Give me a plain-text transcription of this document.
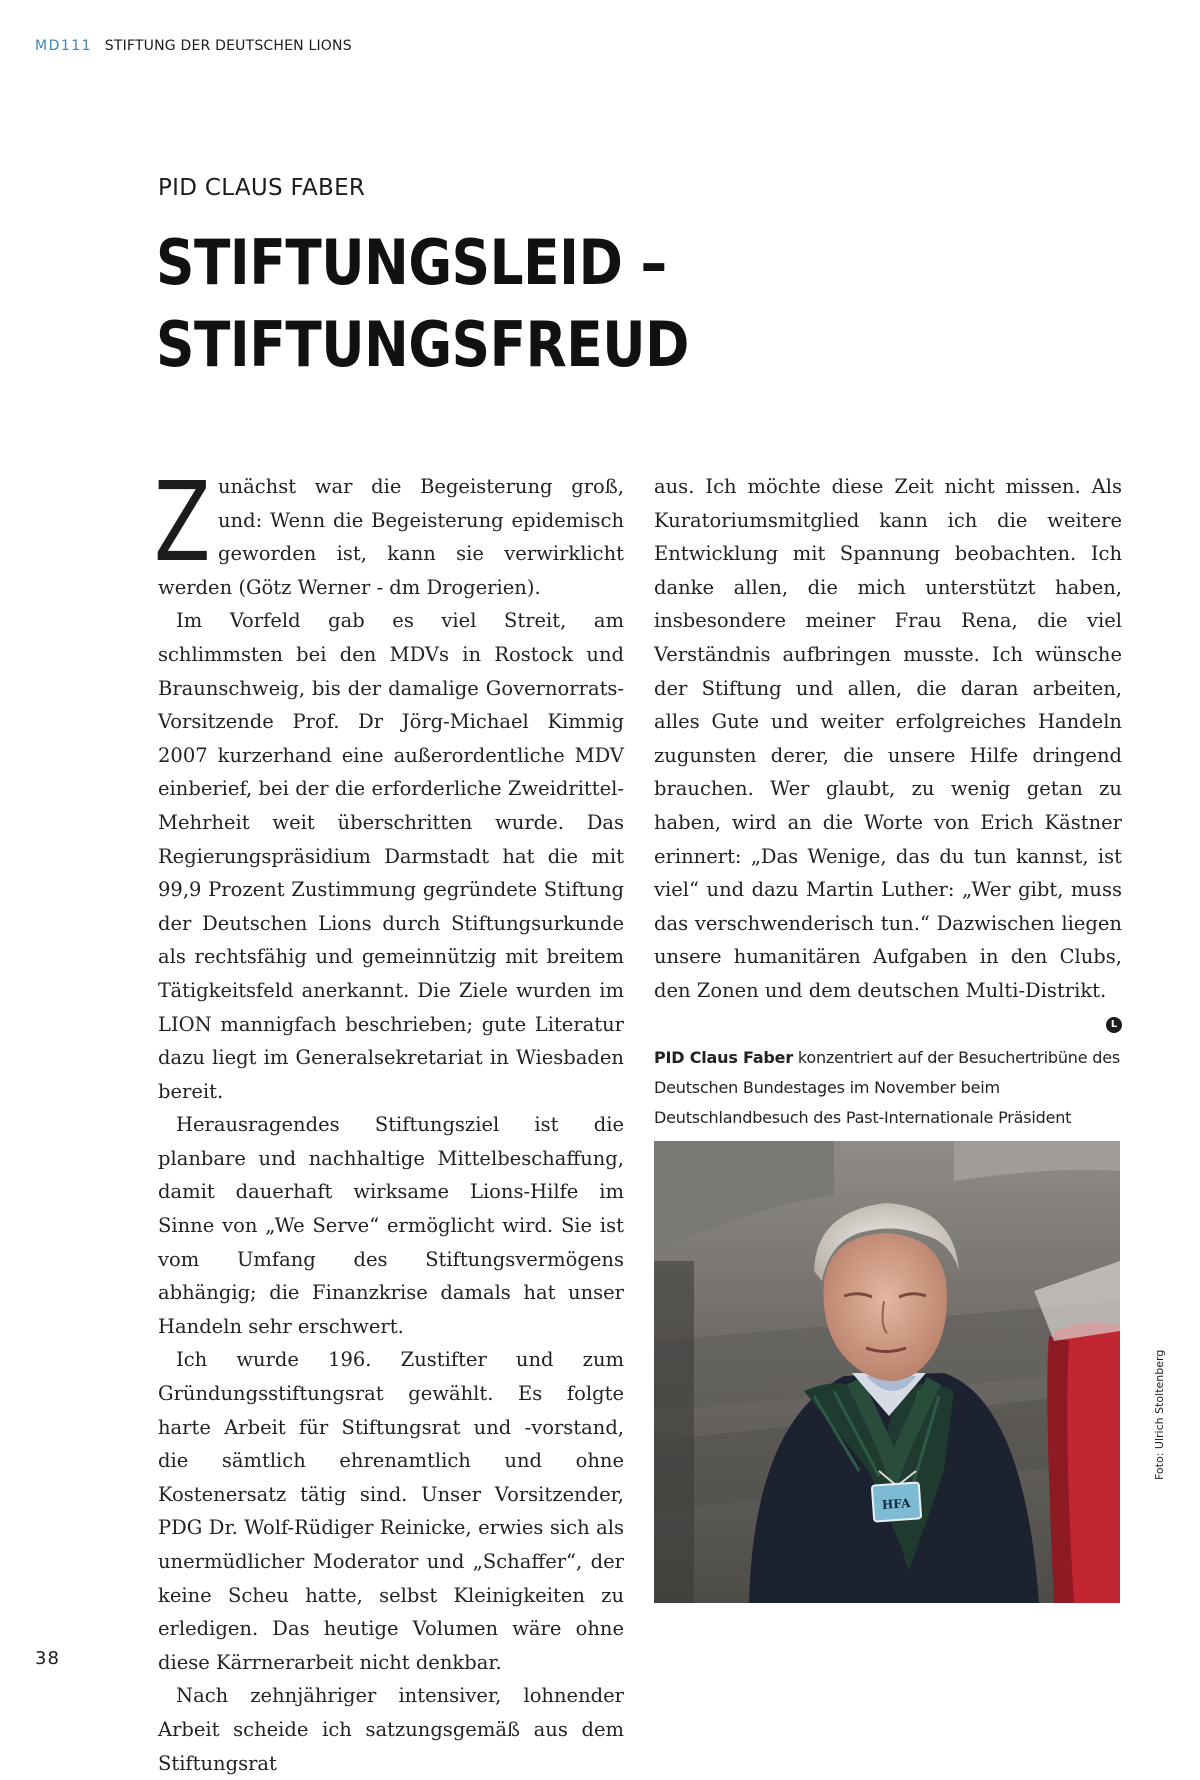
MD111 STIFTUNG DER DEUTSCHEN LIONS
PID CLAUS FABER
STIFTUNGSLEID –
STIFTUNGSFREUD

Zunächst war die Begeisterung groß, und: Wenn die Begeisterung epidemisch geworden ist, kann sie verwirklicht werden (Götz Werner - dm Drogerien).

Im Vorfeld gab es viel Streit, am schlimmsten bei den MDVs in Rostock und Braunschweig, bis der damalige Governorrats-Vorsitzende Prof. Dr Jörg-Michael Kimmig 2007 kurzerhand eine außerordentliche MDV einberief, bei der die erforderliche Zweidrittel-Mehrheit weit überschritten wurde. Das Regierungspräsidium Darmstadt hat die mit 99,9 Prozent Zustimmung gegründete Stiftung der Deutschen Lions durch Stiftungsurkunde als rechtsfähig und gemeinnützig mit breitem Tätigkeitsfeld anerkannt. Die Ziele wurden im LION mannigfach beschrieben; gute Literatur dazu liegt im Generalsekretariat in Wiesbaden bereit.

Herausragendes Stiftungsziel ist die planbare und nachhaltige Mittelbeschaffung, damit dauerhaft wirksame Lions-Hilfe im Sinne von „We Serve“ ermöglicht wird. Sie ist vom Umfang des Stiftungsvermögens abhängig; die Finanzkrise damals hat unser Handeln sehr erschwert.

Ich wurde 196. Zustifter und zum Gründungsstiftungsrat gewählt. Es folgte harte Arbeit für Stiftungsrat und -vorstand, die sämtlich ehrenamtlich und ohne Kostenersatz tätig sind. Unser Vorsitzender, PDG Dr. Wolf-Rüdiger Reinicke, erwies sich als unermüdlicher Moderator und „Schaffer“, der keine Scheu hatte, selbst Kleinigkeiten zu erledigen. Das heutige Volumen wäre ohne diese Kärrnerarbeit nicht denkbar.

Nach zehnjähriger intensiver, lohnender Arbeit scheide ich satzungsgemäß aus dem Stiftungsrat

aus. Ich möchte diese Zeit nicht missen. Als Kuratoriumsmitglied kann ich die weitere Entwicklung mit Spannung beobachten. Ich danke allen, die mich unterstützt haben, insbesondere meiner Frau Rena, die viel Verständnis aufbringen musste. Ich wünsche der Stiftung und allen, die daran arbeiten, alles Gute und weiter erfolgreiches Handeln zugunsten derer, die unsere Hilfe dringend brauchen. Wer glaubt, zu wenig getan zu haben, wird an die Worte von Erich Kästner erinnert: „Das Wenige, das du tun kannst, ist viel“ und dazu Martin Luther: „Wer gibt, muss das verschwenderisch tun.“ Dazwischen liegen unsere humanitären Aufgaben in den Clubs, den Zonen und dem deutschen Multi-Distrikt.
L

PID Claus Faber konzentriert auf der Besuchertribüne des Deutschen Bundestages im November beim Deutschlandbesuch des Past-Internationale Präsident
HFA
Foto: Ulrich Stoltenberg
38
